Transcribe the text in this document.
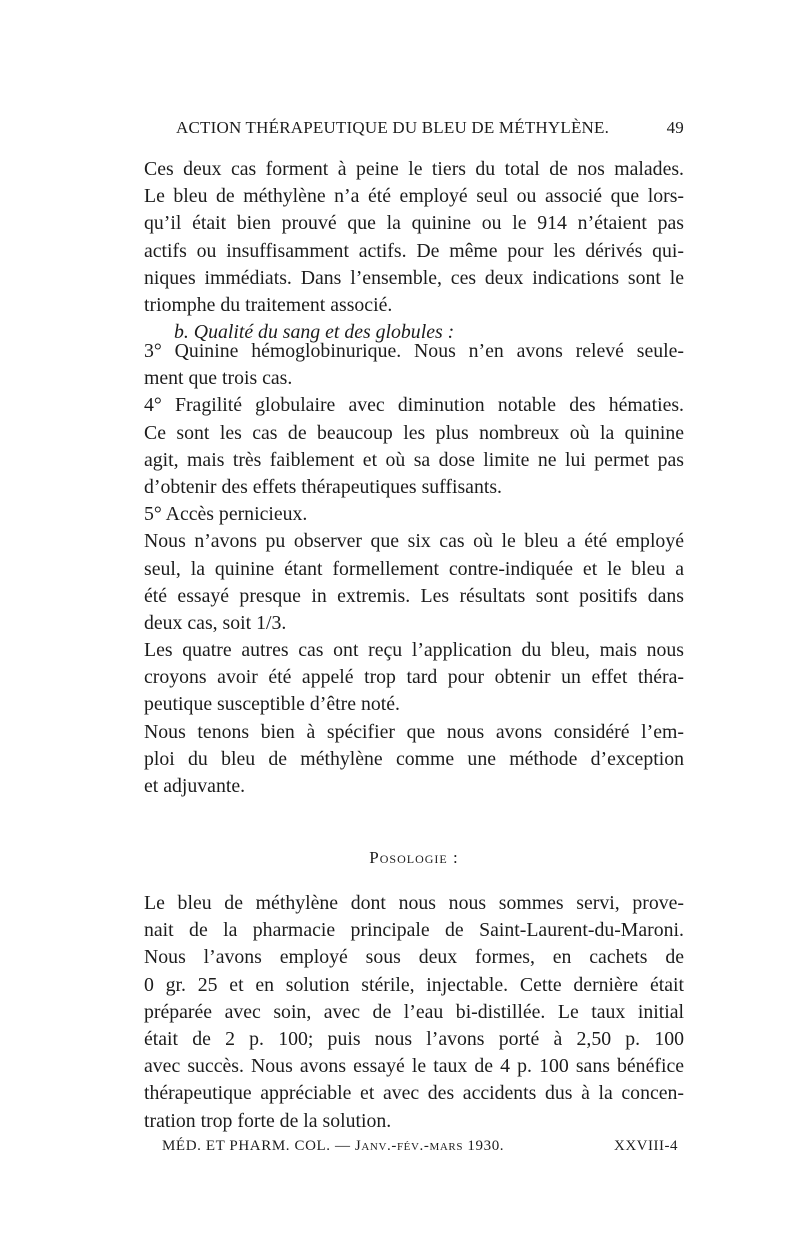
ACTION THÉRAPEUTIQUE DU BLEU DE MÉTHYLÈNE.	49
Ces deux cas forment à peine le tiers du total de nos malades.
Le bleu de méthylène n’a été employé seul ou associé que lors-
qu’il était bien prouvé que la quinine ou le 914 n’étaient pas
actifs ou insuffisamment actifs. De même pour les dérivés qui-
niques immédiats. Dans l’ensemble, ces deux indications sont le
triomphe du traitement associé.
b. Qualité du sang et des globules :
3° Quinine hémoglobinurique. Nous n’en avons relevé seule-
ment que trois cas.
4° Fragilité globulaire avec diminution notable des hématies.
Ce sont les cas de beaucoup les plus nombreux où la quinine
agit, mais très faiblement et où sa dose limite ne lui permet pas
d’obtenir des effets thérapeutiques suffisants.
5° Accès pernicieux.
Nous n’avons pu observer que six cas où le bleu a été employé
seul, la quinine étant formellement contre-indiquée et le bleu a
été essayé presque in extremis. Les résultats sont positifs dans
deux cas, soit 1/3.
Les quatre autres cas ont reçu l’application du bleu, mais nous
croyons avoir été appelé trop tard pour obtenir un effet théra-
peutique susceptible d’être noté.
Nous tenons bien à spécifier que nous avons considéré l’em-
ploi du bleu de méthylène comme une méthode d’exception
et adjuvante.
Posologie :
Le bleu de méthylène dont nous nous sommes servi, prove-
nait de la pharmacie principale de Saint-Laurent-du-Maroni.
Nous l’avons employé sous deux formes, en cachets de
0 gr. 25 et en solution stérile, injectable. Cette dernière était
préparée avec soin, avec de l’eau bi-distillée. Le taux initial
était de 2 p. 100; puis nous l’avons porté à 2,50 p. 100
avec succès. Nous avons essayé le taux de 4 p. 100 sans bénéfice
thérapeutique appréciable et avec des accidents dus à la concen-
tration trop forte de la solution.
MÉD. ET PHARM. COL. — Janv.-fév.-mars 1930.	XXVIII-4
